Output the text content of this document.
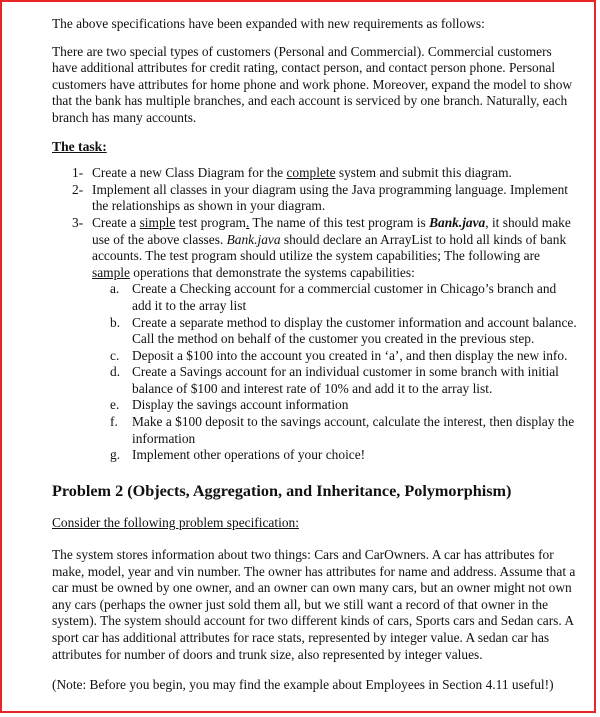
The above specifications have been expanded with new requirements as follows:

There are two special types of customers (Personal and Commercial). Commercial customers have additional attributes for credit rating, contact person, and contact person phone. Personal customers have attributes for home phone and work phone. Moreover, expand the model to show that the bank has multiple branches, and each account is serviced by one branch. Naturally, each branch has many accounts.

The task:

1- Create a new Class Diagram for the complete system and submit this diagram.
2- Implement all classes in your diagram using the Java programming language. Implement the relationships as shown in your diagram.
3- Create a simple test program. The name of this test program is Bank.java, it should make use of the above classes. Bank.java should declare an ArrayList to hold all kinds of bank accounts. The test program should utilize the system capabilities; The following are sample operations that demonstrate the systems capabilities:
a. Create a Checking account for a commercial customer in Chicago’s branch and add it to the array list
b. Create a separate method to display the customer information and account balance. Call the method on behalf of the customer you created in the previous step.
c. Deposit a $100 into the account you created in ‘a’, and then display the new info.
d. Create a Savings account for an individual customer in some branch with initial balance of $100 and interest rate of 10% and add it to the array list.
e. Display the savings account information
f. Make a $100 deposit to the savings account, calculate the interest, then display the information
g. Implement other operations of your choice!

Problem 2 (Objects, Aggregation, and Inheritance, Polymorphism)

Consider the following problem specification:

The system stores information about two things: Cars and CarOwners. A car has attributes for make, model, year and vin number. The owner has attributes for name and address. Assume that a car must be owned by one owner, and an owner can own many cars, but an owner might not own any cars (perhaps the owner just sold them all, but we still want a record of that owner in the system). The system should account for two different kinds of cars, Sports cars and Sedan cars. A sport car has additional attributes for race stats, represented by integer value. A sedan car has attributes for number of doors and trunk size, also represented by integer values.

(Note: Before you begin, you may find the example about Employees in Section 4.11 useful!)
